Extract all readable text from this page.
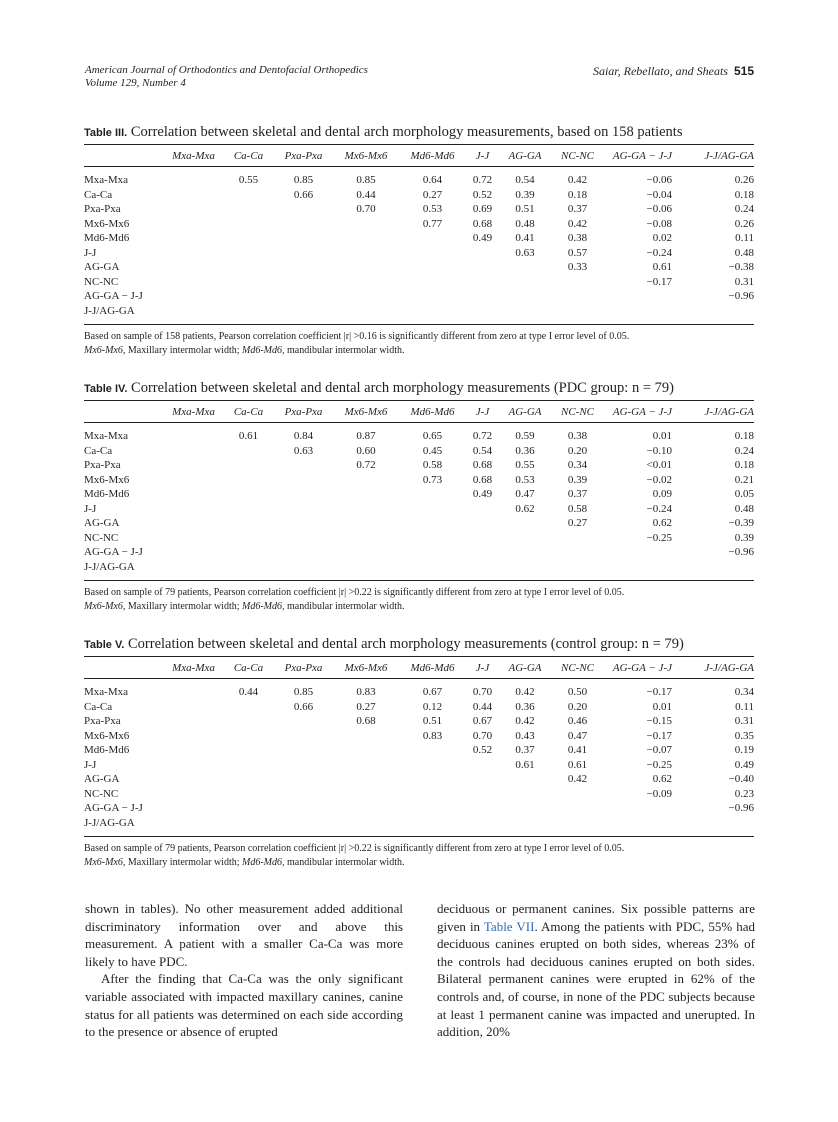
American Journal of Orthodontics and Dentofacial Orthopedics
Volume 129, Number 4
Saiar, Rebellato, and Sheats 515
Table III. Correlation between skeletal and dental arch morphology measurements, based on 158 patients
	Mxa-Mxa	Ca-Ca	Pxa-Pxa	Mx6-Mx6	Md6-Md6	J-J	AG-GA	NC-NC	AG-GA − J-J	J-J/AG-GA

Mxa-Mxa		0.55	0.85	0.85	0.64	0.72	0.54	0.42	−0.06	0.26
Ca-Ca			0.66	0.44	0.27	0.52	0.39	0.18	−0.04	0.18
Pxa-Pxa				0.70	0.53	0.69	0.51	0.37	−0.06	0.24
Mx6-Mx6					0.77	0.68	0.48	0.42	−0.08	0.26
Md6-Md6						0.49	0.41	0.38	0.02	0.11
J-J							0.63	0.57	−0.24	0.48
AG-GA								0.33	0.61	−0.38
NC-NC									−0.17	0.31
AG-GA − J-J										−0.96
J-J/AG-GA										
Based on sample of 158 patients, Pearson correlation coefficient |r| >0.16 is significantly different from zero at type I error level of 0.05.
Mx6-Mx6, Maxillary intermolar width; Md6-Md6, mandibular intermolar width.
Table IV. Correlation between skeletal and dental arch morphology measurements (PDC group: n = 79)
	Mxa-Mxa	Ca-Ca	Pxa-Pxa	Mx6-Mx6	Md6-Md6	J-J	AG-GA	NC-NC	AG-GA − J-J	J-J/AG-GA

Mxa-Mxa		0.61	0.84	0.87	0.65	0.72	0.59	0.38	0.01	0.18
Ca-Ca			0.63	0.60	0.45	0.54	0.36	0.20	−0.10	0.24
Pxa-Pxa				0.72	0.58	0.68	0.55	0.34	<0.01	0.18
Mx6-Mx6					0.73	0.68	0.53	0.39	−0.02	0.21
Md6-Md6						0.49	0.47	0.37	0.09	0.05
J-J							0.62	0.58	−0.24	0.48
AG-GA								0.27	0.62	−0.39
NC-NC									−0.25	0.39
AG-GA − J-J										−0.96
J-J/AG-GA										
Based on sample of 79 patients, Pearson correlation coefficient |r| >0.22 is significantly different from zero at type I error level of 0.05.
Mx6-Mx6, Maxillary intermolar width; Md6-Md6, mandibular intermolar width.
Table V. Correlation between skeletal and dental arch morphology measurements (control group: n = 79)
	Mxa-Mxa	Ca-Ca	Pxa-Pxa	Mx6-Mx6	Md6-Md6	J-J	AG-GA	NC-NC	AG-GA − J-J	J-J/AG-GA

Mxa-Mxa		0.44	0.85	0.83	0.67	0.70	0.42	0.50	−0.17	0.34
Ca-Ca			0.66	0.27	0.12	0.44	0.36	0.20	0.01	0.11
Pxa-Pxa				0.68	0.51	0.67	0.42	0.46	−0.15	0.31
Mx6-Mx6					0.83	0.70	0.43	0.47	−0.17	0.35
Md6-Md6						0.52	0.37	0.41	−0.07	0.19
J-J							0.61	0.61	−0.25	0.49
AG-GA								0.42	0.62	−0.40
NC-NC									−0.09	0.23
AG-GA − J-J										−0.96
J-J/AG-GA										
Based on sample of 79 patients, Pearson correlation coefficient |r| >0.22 is significantly different from zero at type I error level of 0.05.
Mx6-Mx6, Maxillary intermolar width; Md6-Md6, mandibular intermolar width.

shown in tables). No other measurement added additional discriminatory information over and above this measurement. A patient with a smaller Ca-Ca was more likely to have PDC.

After the finding that Ca-Ca was the only significant variable associated with impacted maxillary canines, canine status for all patients was determined on each side according to the presence or absence of erupted

deciduous or permanent canines. Six possible patterns are given in Table VII. Among the patients with PDC, 55% had deciduous canines erupted on both sides, whereas 23% of the controls had deciduous canines erupted on both sides. Bilateral permanent canines were erupted in 62% of the controls and, of course, in none of the PDC subjects because at least 1 permanent canine was impacted and unerupted. In addition, 20%
